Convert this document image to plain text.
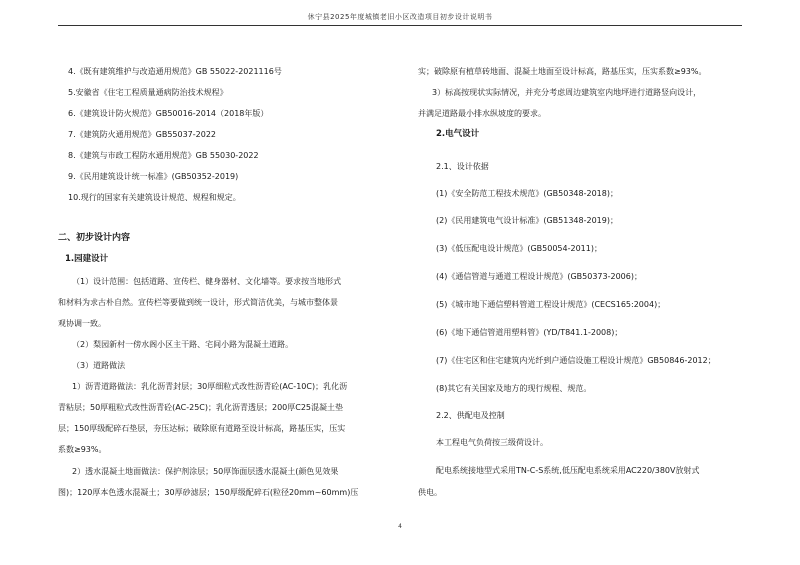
休宁县2025年度城镇老旧小区改造项目初步设计说明书
4.《既有建筑维护与改造通用规范》GB 55022-2021116号
5.安徽省《住宅工程质量通病防治技术规程》
6.《建筑设计防火规范》GB50016-2014（2018年版）
7.《建筑防火通用规范》GB55037-2022
8.《建筑与市政工程防水通用规范》GB 55030-2022
9.《民用建筑设计统一标准》(GB50352-2019)
10.现行的国家有关建筑设计规范、规程和规定。
二、初步设计内容
1.园建设计
（1）设计范围：包括道路、宣传栏、健身器材、文化墙等。要求按当地形式
和材料为求古朴自然。宣传栏等要做到统一设计，形式简洁优美，与城市整体景
观协调一致。
（2）梨园新村一傍水阁小区主干路、宅间小路为混凝土道路。
（3）道路做法
1）沥青道路做法：乳化沥青封层；30厚细粒式改性沥青砼(AC-10C)；乳化沥
青粘层；50厚粗粒式改性沥青砼(AC-25C)；乳化沥青透层；200厚C25混凝土垫
层；150厚级配碎石垫层，夯压达标；破除原有道路至设计标高，路基压实，压实
系数≥93%。
2）透水混凝土地面做法：保护剂涂层；50厚饰面层透水混凝土(颜色见效果
图)；120厚本色透水混凝土；30厚砂滤层；150厚级配碎石(粒径20mm~60mm)压
实；破除原有植草砖地面、混凝土地面至设计标高，路基压实，压实系数≥93%。
3）标高按现状实际情况，并充分考虑周边建筑室内地坪进行道路竖向设计，
并满足道路最小排水纵坡度的要求。
2.电气设计
2.1、设计依据
(1)《安全防范工程技术规范》(GB50348-2018)；
(2)《民用建筑电气设计标准》(GB51348-2019)；
(3)《低压配电设计规范》(GB50054-2011)；
(4)《通信管道与通道工程设计规范》(GB50373-2006)；
(5)《城市地下通信塑料管道工程设计规范》(CECS165:2004)；
(6)《地下通信管道用塑料管》(YD/T841.1-2008)；
(7)《住宅区和住宅建筑内光纤到户通信设施工程设计规范》GB50846-2012；
(8)其它有关国家及地方的现行规程、规范。
2.2、供配电及控制
本工程电气负荷按三级荷设计。
配电系统接地型式采用TN-C-S系统,低压配电系统采用AC220/380V放射式
供电。
4
